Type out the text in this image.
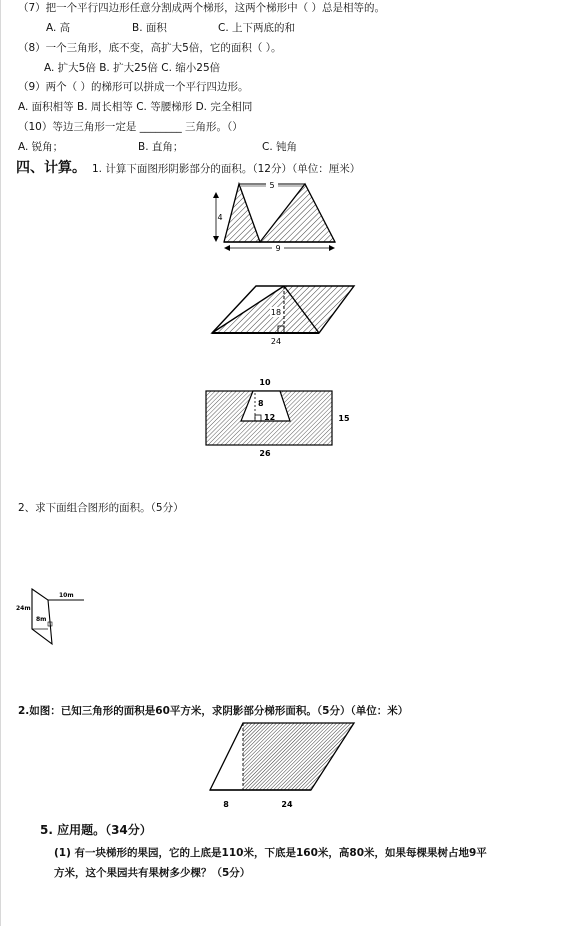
（7）把一个平行四边形任意分割成两个梯形，这两个梯形中（ ）总是相等的。
A. 高	B. 面积	C. 上下两底的和
（8）一个三角形，底不变，高扩大5倍，它的面积（ ）。
A. 扩大5倍 B. 扩大25倍 C. 缩小25倍
（9）两个（ ）的梯形可以拼成一个平行四边形。
A. 面积相等 B. 周长相等 C. 等腰梯形 D. 完全相同
（10）等边三角形一定是 ________ 三角形。（）
A. 锐角；	B. 直角；	C. 钝角
四、计算。 1. 计算下面图形阴影部分的面积。（12分）（单位：厘米）
5
4
9
18
24
10
8
12	15
26
2、求下面组合图形的面积。（5分）
10m
24m
8m
2.如图：已知三角形的面积是60平方米，求阴影部分梯形面积。（5分）（单位：米）
8	24
5. 应用题。（34分）
(1) 有一块梯形的果园，它的上底是110米，下底是160米，高80米，如果每棵果树占地9平
方米，这个果园共有果树多少棵？（5分）
